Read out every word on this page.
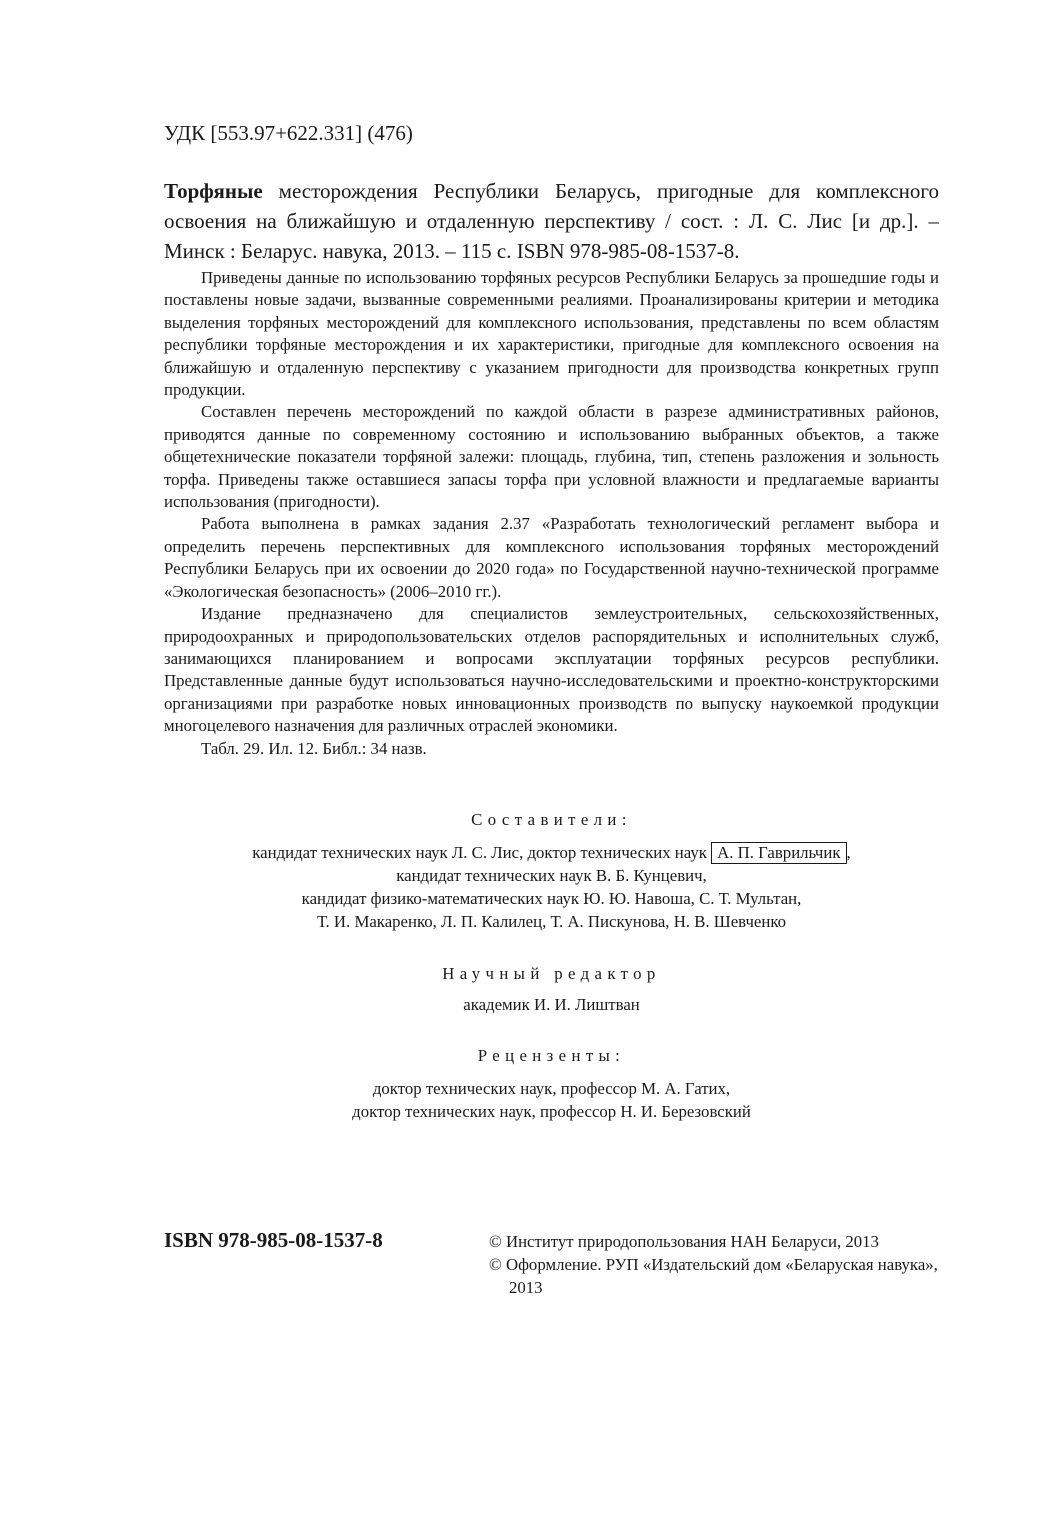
УДК [553.97+622.331] (476)

Торфяные месторождения Республики Беларусь, пригодные для комплексного освоения на ближайшую и отдаленную перспективу / сост. : Л. С. Лис [и др.]. – Минск : Беларус. навука, 2013. – 115 с. ISBN 978-985-08-1537-8.

Приведены данные по использованию торфяных ресурсов Республики Беларусь за прошедшие годы и поставлены новые задачи, вызванные современными реалиями. Проанализированы критерии и методика выделения торфяных месторождений для комплексного использования, представлены по всем областям республики торфяные месторождения и их характеристики, пригодные для комплексного освоения на ближайшую и отдаленную перспективу с указанием пригодности для производства конкретных групп продукции.

Составлен перечень месторождений по каждой области в разрезе административных районов, приводятся данные по современному состоянию и использованию выбранных объектов, а также общетехнические показатели торфяной залежи: площадь, глубина, тип, степень разложения и зольность торфа. Приведены также оставшиеся запасы торфа при условной влажности и предлагаемые варианты использования (пригодности).

Работа выполнена в рамках задания 2.37 «Разработать технологический регламент выбора и определить перечень перспективных для комплексного использования торфяных месторождений Республики Беларусь при их освоении до 2020 года» по Государственной научно-технической программе «Экологическая безопасность» (2006–2010 гг.).

Издание предназначено для специалистов землеустроительных, сельскохозяйственных, природоохранных и природопользовательских отделов распорядительных и исполнительных служб, занимающихся планированием и вопросами эксплуатации торфяных ресурсов республики. Представленные данные будут использоваться научно-исследовательскими и проектно-конструкторскими организациями при разработке новых инновационных производств по выпуску наукоемкой продукции многоцелевого назначения для различных отраслей экономики.

Табл. 29. Ил. 12. Библ.: 34 назв.

Составители:
кандидат технических наук Л. С. Лис, доктор технических наук А. П. Гаврильчик ,
кандидат технических наук В. Б. Кунцевич,
кандидат физико-математических наук Ю. Ю. Навоша, С. Т. Мультан,
Т. И. Макаренко, Л. П. Калилец, Т. А. Пискунова, Н. В. Шевченко
Научный редактор
академик И. И. Лиштван
Рецензенты:
доктор технических наук, профессор М. А. Гатих,
доктор технических наук, профессор Н. И. Березовский
ISBN 978-985-08-1537-8	© Институт природопользования НАН Беларуси, 2013
© Оформление. РУП «Издательский дом «Беларуская навука», 2013
